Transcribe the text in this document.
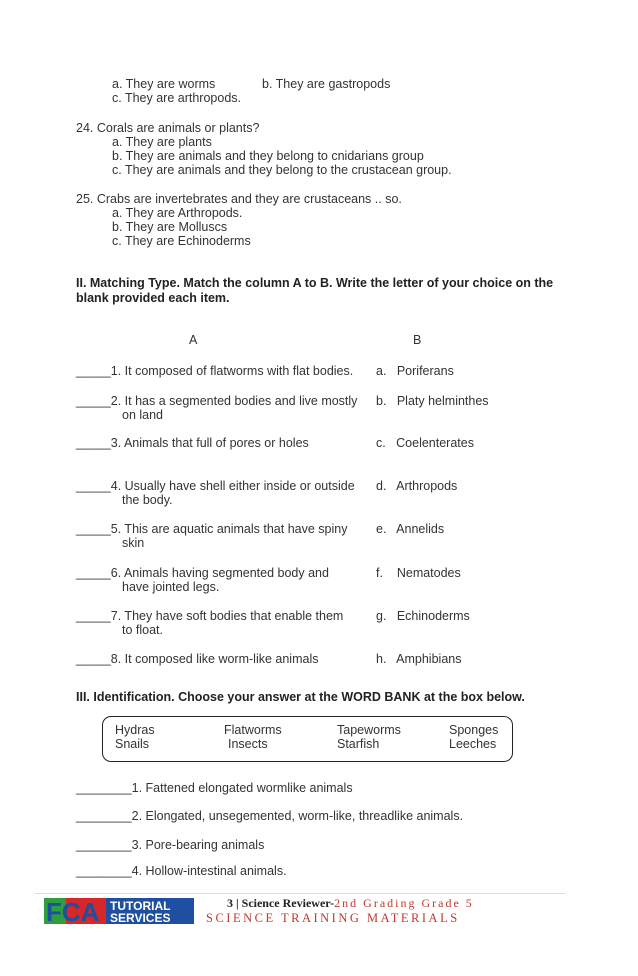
a. They are worms	b. They are gastropods
c. They are arthropods.
24. Corals are animals or plants?
a. They are plants
b. They are animals and they belong to cnidarians group
c. They are animals and they belong to the crustacean group.
25. Crabs are invertebrates and they are crustaceans .. so.
a. They are Arthropods.
b. They are Molluscs
c. They are Echinoderms
II. Matching Type. Match the column A to B. Write the letter of your choice on the
blank provided each item.
A	B
_____1. It composed of flatworms with flat bodies. a.   Poriferans
_____2. It has a segmented bodies and live mostly
on land
b.   Platy helminthes
_____3. Animals that full of pores or holes	c.   Coelenterates
_____4. Usually have shell either inside or outside
the body.
d.   Arthropods
_____5. This are aquatic animals that have spiny
skin
e.   Annelids
_____6. Animals having segmented body and
have jointed legs.
f.    Nematodes
_____7. They have soft bodies that enable them
to float.
g.   Echinoderms
_____8. It composed like worm-like animals	h.   Amphibians
III. Identification. Choose your answer at the WORD BANK at the box below.
Hydras	Flatworms	Tapeworms	Sponges
Snails	Insects	Starfish	Leeches
________1. Fattened elongated wormlike animals
________2. Elongated, unsegemented, worm-like, threadlike animals.
________3. Pore-bearing animals
________4. Hollow-intestinal animals.
FCA TUTORIAL
SERVICES
3 | Science Reviewer-2nd Grading Grade 5
SCIENCE TRAINING MATERIALS
